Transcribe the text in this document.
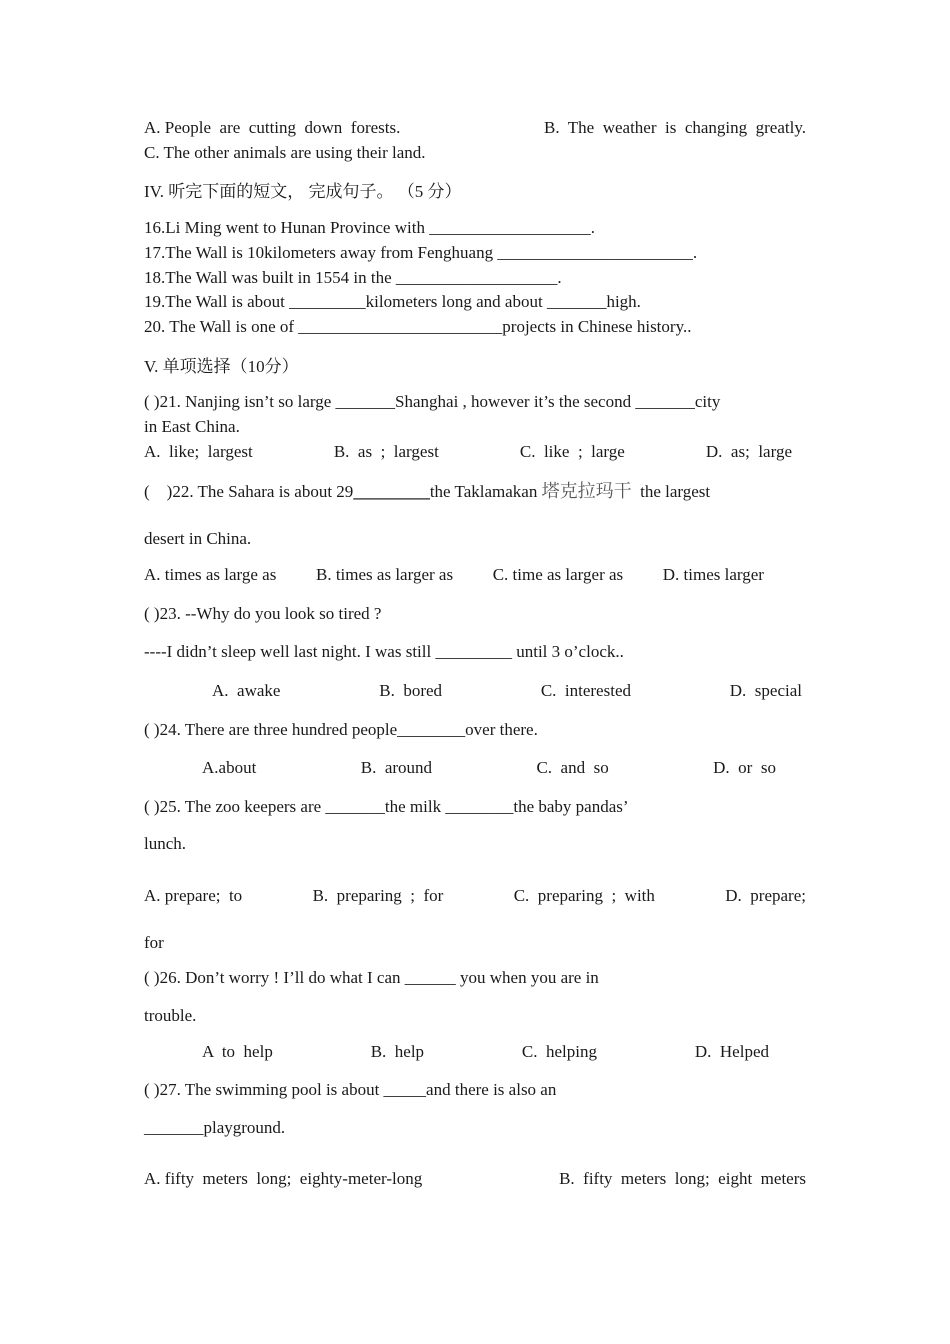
A. People  are  cutting  down  forests.	B.  The  weather  is  changing  greatly.
C. The other animals are using their land.
IV. 听完下面的短文， 完成句子。 （5 分）
16.Li Ming went to Hunan Province with ___________________.
17.The Wall is 10kilometers away from Fenghuang _______________________.
18.The Wall was built in 1554 in the ___________________.
19.The Wall is about _________kilometers long and about _______high.
20. The Wall is one of ________________________projects in Chinese history..
V. 单项选择（10分）
( )21. Nanjing isn’t so large _______Shanghai , however it’s the second _______city
in East China.
A.  like;  largest	B.  as  ;  largest	C.  like  ;  large	D.  as;  large
(    )22. The Sahara is about 29_________the Taklamakan 塔克拉玛干  the largest
desert in China.
A. times as large as B. times as larger as C. time as larger as D. times larger
( )23. --Why do you look so tired ?
----I didn’t sleep well last night. I was still _________ until 3 o’clock..
A.  awake	B.  bored	C.  interested	D.  special
( )24. There are three hundred people________over there.
A.about	B.  around	C.  and  so	D.  or  so
( )25. The zoo keepers are _______the milk ________the baby pandas’
lunch.
A. prepare;  to	B.  preparing  ;  for	C.  preparing  ;  with	D.  prepare;
for
( )26. Don’t worry ! I’ll do what I can ______ you when you are in
trouble.
A  to  help	B.  help	C.  helping	D.  Helped
( )27. The swimming pool is about _____and there is also an
_______playground.
A. fifty  meters  long;  eighty-meter-long	B.  fifty  meters  long;  eight  meters
